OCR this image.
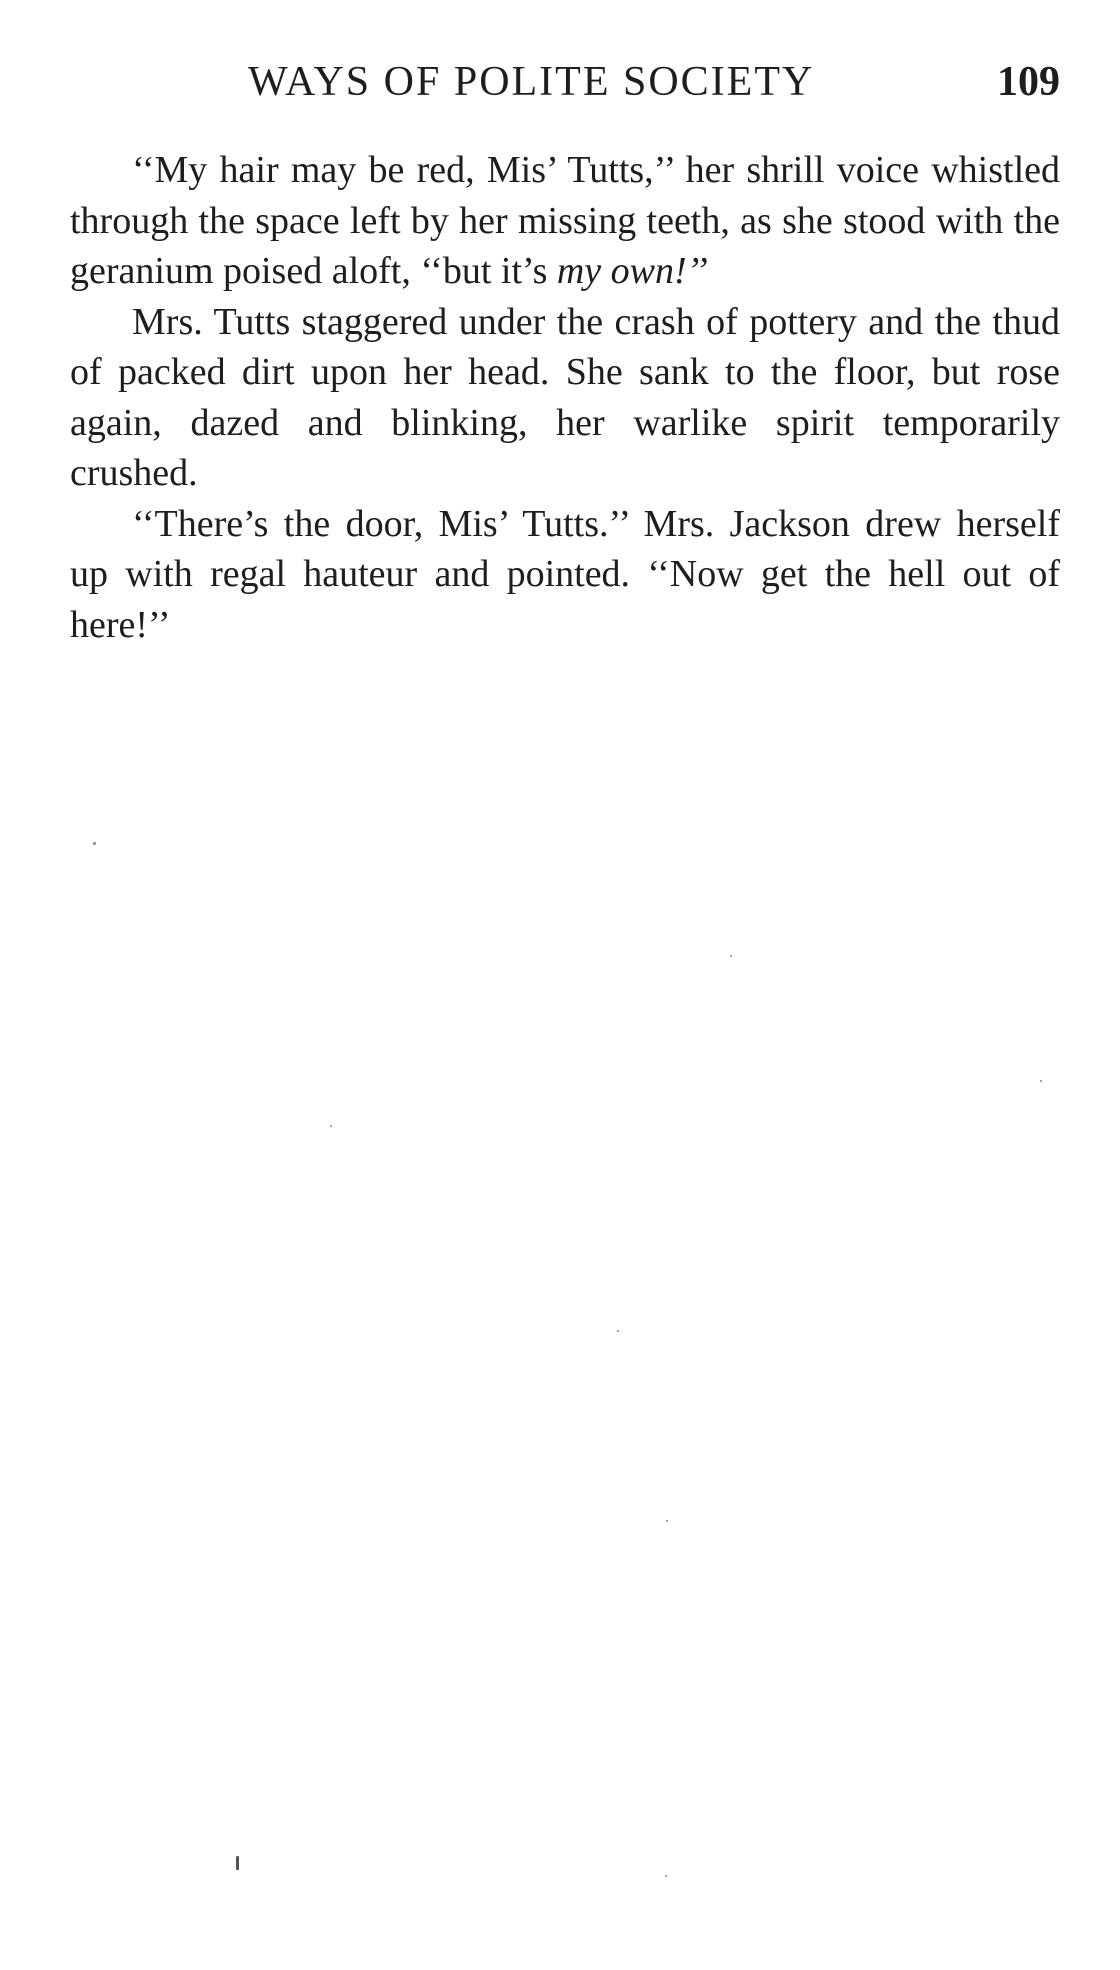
WAYS OF POLITE SOCIETY	109

‘‘My hair may be red, Mis’ Tutts,’’ her shrill voice whistled through the space left by her missing teeth, as she stood with the geranium poised aloft, ‘‘but it’s my own!’’

Mrs. Tutts staggered under the crash of pottery and the thud of packed dirt upon her head. She sank to the floor, but rose again, dazed and blinking, her warlike spirit temporarily crushed.

‘‘There’s the door, Mis’ Tutts.’’ Mrs. Jackson drew herself up with regal hauteur and pointed. ‘‘Now get the hell out of here!’’
